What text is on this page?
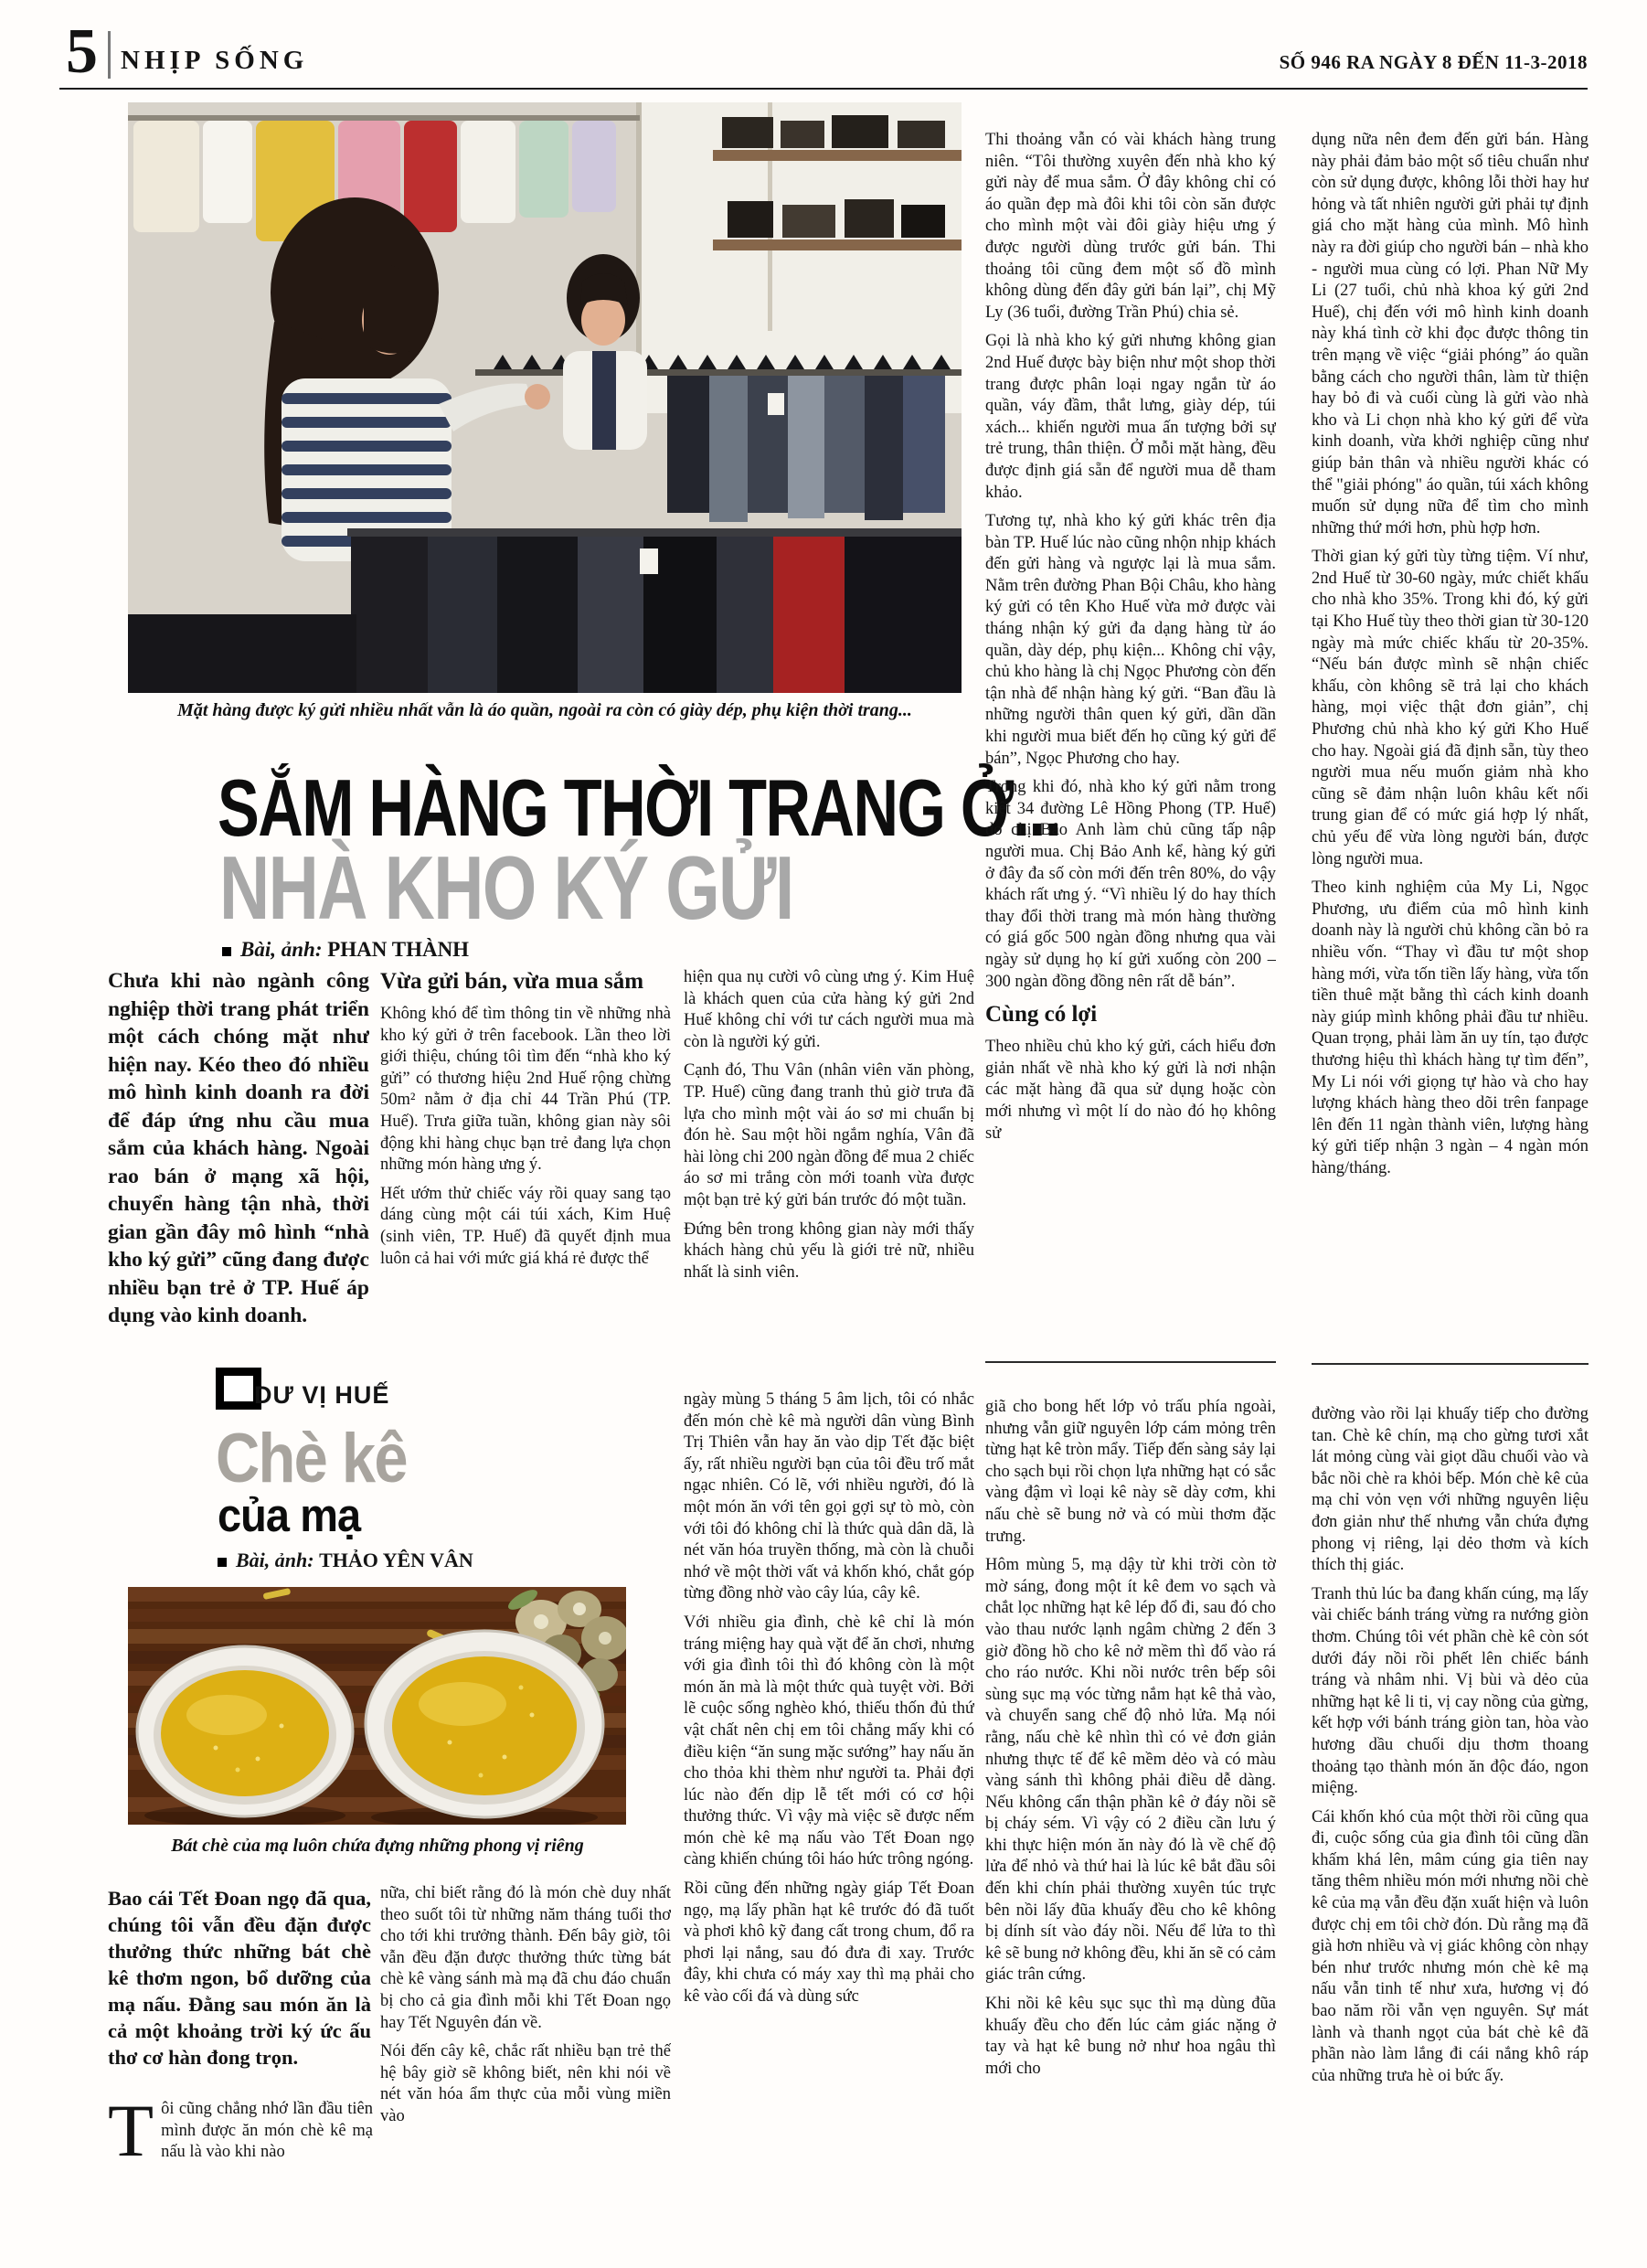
5 NHỊP SỐNG	SỐ 946 RA NGÀY 8 ĐẾN 11-3-2018
Mặt hàng được ký gửi nhiều nhất vẫn là áo quần, ngoài ra còn có giày dép, phụ kiện thời trang...
SẮM HÀNG THỜI TRANG Ở...
NHÀ KHO KÝ GỬI
Bài, ảnh: PHAN THÀNH
Chưa khi nào ngành công nghiệp thời trang phát triển một cách chóng mặt như hiện nay. Kéo theo đó nhiều mô hình kinh doanh ra đời để đáp ứng nhu cầu mua sắm của khách hàng. Ngoài rao bán ở mạng xã hội, chuyển hàng tận nhà, thời gian gần đây mô hình “nhà kho ký gửi” cũng đang được nhiều bạn trẻ ở TP. Huế áp dụng vào kinh doanh.
Vừa gửi bán, vừa mua sắm

Không khó để tìm thông tin về những nhà kho ký gửi ở trên facebook. Lần theo lời giới thiệu, chúng tôi tìm đến “nhà kho ký gửi” có thương hiệu 2nd Huế rộng chừng 50m² nằm ở địa chỉ 44 Trần Phú (TP. Huế). Trưa giữa tuần, không gian này sôi động khi hàng chục bạn trẻ đang lựa chọn những món hàng ưng ý.

Hết ướm thử chiếc váy rồi quay sang tạo dáng cùng một cái túi xách, Kim Huệ (sinh viên, TP. Huế) đã quyết định mua luôn cả hai với mức giá khá rẻ được thể

hiện qua nụ cười vô cùng ưng ý. Kim Huệ là khách quen của cửa hàng ký gửi 2nd Huế không chỉ với tư cách người mua mà còn là người ký gửi.

Cạnh đó, Thu Vân (nhân viên văn phòng, TP. Huế) cũng đang tranh thủ giờ trưa đã lựa cho mình một vài áo sơ mi chuẩn bị đón hè. Sau một hồi ngắm nghía, Vân đã hài lòng chi 200 ngàn đồng để mua 2 chiếc áo sơ mi trắng còn mới toanh vừa được một bạn trẻ ký gửi bán trước đó một tuần.

Đứng bên trong không gian này mới thấy khách hàng chủ yếu là giới trẻ nữ, nhiều nhất là sinh viên.

Thi thoảng vẫn có vài khách hàng trung niên. “Tôi thường xuyên đến nhà kho ký gửi này để mua sắm. Ở đây không chỉ có áo quần đẹp mà đôi khi tôi còn săn được cho mình một vài đôi giày hiệu ưng ý được người dùng trước gửi bán. Thi thoảng tôi cũng đem một số đồ mình không dùng đến đây gửi bán lại”, chị Mỹ Ly (36 tuổi, đường Trần Phú) chia sẻ.

Gọi là nhà kho ký gửi nhưng không gian 2nd Huế được bày biện như một shop thời trang được phân loại ngay ngắn từ áo quần, váy đầm, thắt lưng, giày dép, túi xách... khiến người mua ấn tượng bởi sự trẻ trung, thân thiện. Ở mỗi mặt hàng, đều được định giá sẵn để người mua dễ tham khảo.

Tương tự, nhà kho ký gửi khác trên địa bàn TP. Huế lúc nào cũng nhộn nhịp khách đến gửi hàng và ngược lại là mua sắm. Nằm trên đường Phan Bội Châu, kho hàng ký gửi có tên Kho Huế vừa mở được vài tháng nhận ký gửi đa dạng hàng từ áo quần, dày dép, phụ kiện... Không chỉ vậy, chủ kho hàng là chị Ngọc Phương còn đến tận nhà để nhận hàng ký gửi. “Ban đầu là những người thân quen ký gửi, dần dần khi người mua biết đến họ cũng ký gửi để bán”, Ngọc Phương cho hay.

Trong khi đó, nhà kho ký gửi nằm trong kiệt 34 đường Lê Hồng Phong (TP. Huế) do chị Bảo Anh làm chủ cũng tấp nập người mua. Chị Bảo Anh kể, hàng ký gửi ở đây đa số còn mới đến trên 80%, do vậy khách rất ưng ý. “Vì nhiều lý do hay thích thay đổi thời trang mà món hàng thường có giá gốc 500 ngàn đồng nhưng qua vài ngày sử dụng họ kí gửi xuống còn 200 – 300 ngàn đồng đồng nên rất dễ bán”.

Cùng có lợi

Theo nhiều chủ kho ký gửi, cách hiểu đơn giản nhất về nhà kho ký gửi là nơi nhận các mặt hàng đã qua sử dụng hoặc còn mới nhưng vì một lí do nào đó họ không sử

dụng nữa nên đem đến gửi bán. Hàng này phải đảm bảo một số tiêu chuẩn như còn sử dụng được, không lỗi thời hay hư hỏng và tất nhiên người gửi phải tự định giá cho mặt hàng của mình. Mô hình này ra đời giúp cho người bán – nhà kho - người mua cùng có lợi. Phan Nữ My Li (27 tuổi, chủ nhà khoa ký gửi 2nd Huế), chị đến với mô hình kinh doanh này khá tình cờ khi đọc được thông tin trên mạng về việc “giải phóng” áo quần bằng cách cho người thân, làm từ thiện hay bỏ đi và cuối cùng là gửi vào nhà kho và Li chọn nhà kho ký gửi để vừa kinh doanh, vừa khởi nghiệp cũng như giúp bản thân và nhiều người khác có thể "giải phóng" áo quần, túi xách không muốn sử dụng nữa để tìm cho mình những thứ mới hơn, phù hợp hơn.

Thời gian ký gửi tùy từng tiệm. Ví như, 2nd Huế từ 30-60 ngày, mức chiết khấu cho nhà kho 35%. Trong khi đó, ký gửi tại Kho Huế tùy theo thời gian từ 30-120 ngày mà mức chiếc khấu từ 20-35%. “Nếu bán được mình sẽ nhận chiếc khấu, còn không sẽ trả lại cho khách hàng, mọi việc thật đơn giản”, chị Phương chủ nhà kho ký gửi Kho Huế cho hay. Ngoài giá đã định sẵn, tùy theo người mua nếu muốn giảm nhà kho cũng sẽ đảm nhận luôn khâu kết nối trung gian để có mức giá hợp lý nhất, chủ yếu để vừa lòng người bán, được lòng người mua.

Theo kinh nghiệm của My Li, Ngọc Phương, ưu điểm của mô hình kinh doanh này là người chủ không cần bỏ ra nhiều vốn. “Thay vì đầu tư một shop hàng mới, vừa tốn tiền lấy hàng, vừa tốn tiền thuê mặt bằng thì cách kinh doanh này giúp mình không phải đầu tư nhiều. Quan trọng, phải làm ăn uy tín, tạo được thương hiệu thì khách hàng tự tìm đến”, My Li nói với giọng tự hào và cho hay lượng khách hàng theo dõi trên fanpage lên đến 11 ngàn thành viên, lượng hàng ký gửi tiếp nhận 3 ngàn – 4 ngàn món hàng/tháng.

DƯ VỊ HUẾ
Chè kê
của mạ
Bài, ảnh: THẢO YÊN VÂN
Bát chè của mạ luôn chứa đựng những phong vị riêng
Bao cái Tết Đoan ngọ đã qua, chúng tôi vẫn đều đặn được thưởng thức những bát chè kê thơm ngon, bổ dưỡng của mạ nấu. Đằng sau món ăn là cả một khoảng trời ký ức ấu thơ cơ hàn đong trọn.
Tôi cũng chẳng nhớ lần đầu tiên mình được ăn món chè kê mạ nấu là vào khi nào

nữa, chỉ biết rằng đó là món chè duy nhất theo suốt tôi từ những năm tháng tuổi thơ cho tới khi trưởng thành. Đến bây giờ, tôi vẫn đều đặn được thưởng thức từng bát chè kê vàng sánh mà mạ đã chu đáo chuẩn bị cho cả gia đình mỗi khi Tết Đoan ngọ hay Tết Nguyên đán về.

Nói đến cây kê, chắc rất nhiều bạn trẻ thế hệ bây giờ sẽ không biết, nên khi nói về nét văn hóa ẩm thực của mỗi vùng miền vào

ngày mùng 5 tháng 5 âm lịch, tôi có nhắc đến món chè kê mà người dân vùng Bình Trị Thiên vẫn hay ăn vào dịp Tết đặc biệt ấy, rất nhiều người bạn của tôi đều trố mắt ngạc nhiên. Có lẽ, với nhiều người, đó là một món ăn với tên gọi gợi sự tò mò, còn với tôi đó không chỉ là thức quà dân dã, là nét văn hóa truyền thống, mà còn là chuỗi nhớ về một thời vất vả khốn khó, chắt góp từng đồng nhờ vào cây lúa, cây kê.

Với nhiều gia đình, chè kê chỉ là món tráng miệng hay quà vặt để ăn chơi, nhưng với gia đình tôi thì đó không còn là một món ăn mà là một thức quà tuyệt vời. Bởi lẽ cuộc sống nghèo khó, thiếu thốn đủ thứ vật chất nên chị em tôi chẳng mấy khi có điều kiện “ăn sung mặc sướng” hay nấu ăn cho thỏa khi thèm như người ta. Phải đợi lúc nào đến dịp lễ tết mới có cơ hội thưởng thức. Vì vậy mà việc sẽ được nếm món chè kê mạ nấu vào Tết Đoan ngọ càng khiến chúng tôi háo hức trông ngóng.

Rồi cũng đến những ngày giáp Tết Đoan ngọ, mạ lấy phần hạt kê trước đó đã tuốt và phơi khô kỹ đang cất trong chum, đổ ra phơi lại nắng, sau đó đưa đi xay. Trước đây, khi chưa có máy xay thì mạ phải cho kê vào cối đá và dùng sức

giã cho bong hết lớp vỏ trấu phía ngoài, nhưng vẫn giữ nguyên lớp cám mỏng trên từng hạt kê tròn mẩy. Tiếp đến sàng sảy lại cho sạch bụi rồi chọn lựa những hạt có sắc vàng đậm vì loại kê này sẽ dày cơm, khi nấu chè sẽ bung nở và có mùi thơm đặc trưng.

Hôm mùng 5, mạ dậy từ khi trời còn tờ mờ sáng, đong một ít kê đem vo sạch và chắt lọc những hạt kê lép đổ đi, sau đó cho vào thau nước lạnh ngâm chừng 2 đến 3 giờ đồng hồ cho kê nở mềm thì đổ vào rá cho ráo nước. Khi nồi nước trên bếp sôi sùng sục mạ vóc từng nắm hạt kê thả vào, và chuyển sang chế độ nhỏ lửa. Mạ nói rằng, nấu chè kê nhìn thì có vẻ đơn giản nhưng thực tế để kê mềm dẻo và có màu vàng sánh thì không phải điều dễ dàng. Nếu không cẩn thận phần kê ở đáy nồi sẽ bị cháy sém. Vì vậy có 2 điều cần lưu ý khi thực hiện món ăn này đó là về chế độ lửa để nhỏ và thứ hai là lúc kê bắt đầu sôi đến khi chín phải thường xuyên túc trực bên nồi lấy đũa khuấy đều cho kê không bị dính sít vào đáy nồi. Nếu để lửa to thì kê sẽ bung nở không đều, khi ăn sẽ có cảm giác trân cứng.

Khi nồi kê kêu sục sục thì mạ dùng đũa khuấy đều cho đến lúc cảm giác nặng ở tay và hạt kê bung nở như hoa ngâu thì mới cho

đường vào rồi lại khuấy tiếp cho đường tan. Chè kê chín, mạ cho gừng tươi xắt lát mỏng cùng vài giọt dầu chuối vào và bắc nồi chè ra khỏi bếp. Món chè kê của mạ chỉ vỏn vẹn với những nguyên liệu đơn giản như thế nhưng vẫn chứa đựng phong vị riêng, lại dẻo thơm và kích thích thị giác.

Tranh thủ lúc ba đang khấn cúng, mạ lấy vài chiếc bánh tráng vừng ra nướng giòn thơm. Chúng tôi vét phần chè kê còn sót dưới đáy nồi rồi phết lên chiếc bánh tráng và nhâm nhi. Vị bùi và dẻo của những hạt kê li ti, vị cay nồng của gừng, kết hợp với bánh tráng giòn tan, hòa vào hương dầu chuối dịu thơm thoang thoảng tạo thành món ăn độc đáo, ngon miệng.

Cái khốn khó của một thời rồi cũng qua đi, cuộc sống của gia đình tôi cũng dần khấm khá lên, mâm cúng gia tiên nay tăng thêm nhiều món mới nhưng nồi chè kê của mạ vẫn đều đặn xuất hiện và luôn được chị em tôi chờ đón. Dù rằng mạ đã già hơn nhiều và vị giác không còn nhạy bén như trước nhưng món chè kê mạ nấu vẫn tinh tế như xưa, hương vị đó bao năm rồi vẫn vẹn nguyên. Sự mát lành và thanh ngọt của bát chè kê đã phần nào làm lắng đi cái nắng khô ráp của những trưa hè oi bức ấy.
